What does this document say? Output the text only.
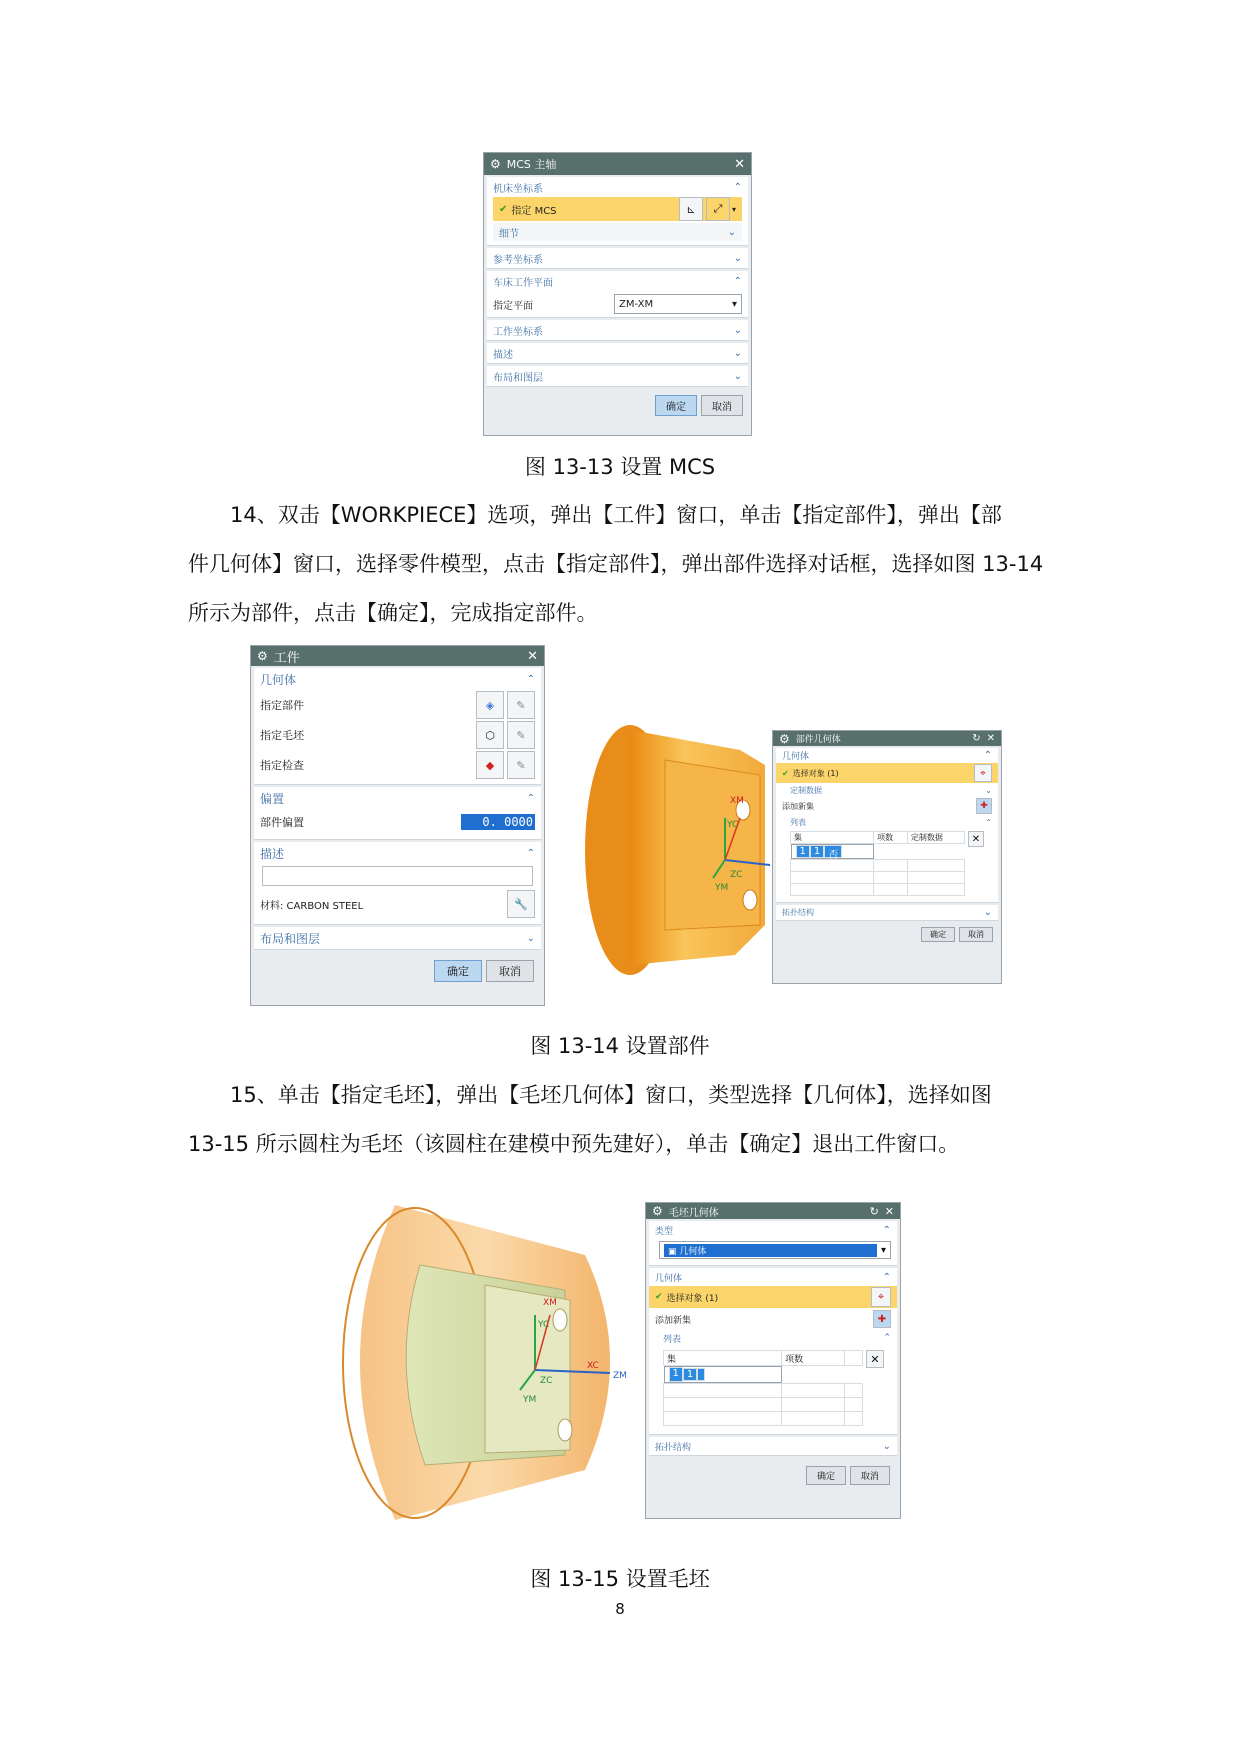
⚙ MCS 主轴	✕
机床坐标系	⌃
✔ 指定 MCS	⊾	⤢	▾
细节	⌄
参考坐标系	⌄
车床工作平面	⌃
指定平面	ZM-XM	▾
工作坐标系	⌄
描述	⌄
布局和图层	⌄
确定	取消
图 13-13 设置 MCS
14、双击【WORKPIECE】选项，弹出【工件】窗口，单击【指定部件】，弹出【部
件几何体】窗口，选择零件模型，点击【指定部件】，弹出部件选择对话框，选择如图 13-14
所示为部件，点击【确定】，完成指定部件。
⚙ 工件	✕
几何体	⌃
指定部件	◈	✎
指定毛坯	⬡	✎
指定检查	◆	✎
偏置	⌃
部件偏置	0. 0000
描述	⌃
材料: CARBON STEEL	🔧
布局和图层	⌄
确定	取消
XM
YC
ZC
YM
⚙ 部件几何体	↻ ✕
几何体	⌃
✔ 选择对象 (1)	⌖
定制数据	⌄
添加新集	✚
列表	⌃
集	项数	定制数据

1 1 否

✕
拓扑结构	⌄
确定	取消
图 13-14 设置部件
15、单击【指定毛坯】，弹出【毛坯几何体】窗口，类型选择【几何体】，选择如图
13-15 所示圆柱为毛坯（该圆柱在建模中预先建好），单击【确定】退出工件窗口。
XM
YC
ZC
YM
XC
ZM
⚙ 毛坯几何体	↻ ✕
类型	⌃
▣ 几何体	▾
几何体	⌃
✔ 选择对象 (1)	⌖
添加新集	✚
列表	⌃
集	项数	

1 1

✕
拓扑结构	⌄
确定	取消
图 13-15 设置毛坯
8
